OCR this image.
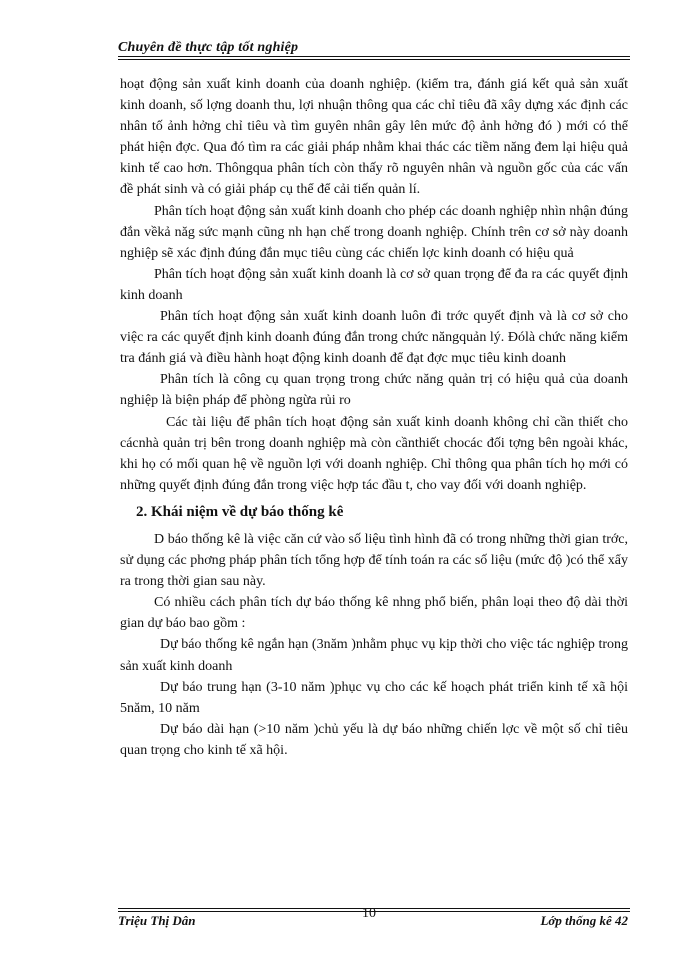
Chuyên đề thực tập tốt nghiệp

hoạt động sản xuất kinh doanh của doanh nghiệp. (kiểm tra, đánh giá kết quả sản xuất kinh doanh, số lợng doanh thu, lợi nhuận thông qua các chỉ tiêu đã xây dựng xác định các nhân tố ảnh hởng chỉ tiêu và tìm guyên nhân gây lên mức độ ảnh hởng đó ) mới có thể phát hiện đợc. Qua đó tìm ra các giải pháp nhằm khai thác các tiềm năng đem lại hiệu quả kinh tế cao hơn. Thôngqua phân tích còn thấy rõ nguyên nhân và nguồn gốc của các vấn đề phát sinh và có giải pháp cụ thể để cải tiến quản lí.

Phân tích hoạt động sản xuất kinh doanh cho phép các doanh nghiệp nhìn nhận đúng đắn vềkả năg sức mạnh cũng nh hạn chế trong doanh nghiệp. Chính trên cơ sở này doanh nghiệp sẽ xác định đúng đắn mục tiêu cùng các chiến lợc kinh doanh có hiệu quả

Phân tích hoạt động sản xuất kinh doanh là cơ sở quan trọng để đa ra các quyết định kinh doanh

Phân tích hoạt động sản xuất kinh doanh luôn đi trớc quyết định và là cơ sở cho việc ra các quyết định kinh doanh đúng đắn trong chức năngquản lý. Đólà chức năng kiểm tra đánh giá và điều hành hoạt động kinh doanh để đạt đợc mục tiêu kinh doanh

Phân tích là công cụ quan trọng trong chức năng quản trị có hiệu quả của doanh nghiệp là biện pháp để phòng ngừa rủi ro

Các tài liệu để phân tích hoạt động sản xuất kinh doanh không chỉ cần thiết cho cácnhà quản trị bên trong doanh nghiệp mà còn cầnthiết chocác đối tợng bên ngoài khác, khi họ có mối quan hệ về nguồn lợi với doanh nghiệp. Chỉ thông qua phân tích họ mới có những quyết định đúng đắn trong việc hợp tác đầu t, cho vay đối với doanh nghiệp.

2. Khái niệm về dự báo thống kê

D báo thống kê là việc căn cứ vào số liệu tình hình đã có trong những thời gian trớc, sử dụng các phơng pháp phân tích tổng hợp để tính toán ra các số liệu (mức độ )có thể xẩy ra trong thời gian sau này.

Có nhiều cách phân tích dự báo thống kê nhng phổ biến, phân loại theo độ dài thời gian dự báo bao gồm :

Dự báo thống kê ngắn hạn (3năm )nhằm phục vụ kịp thời cho việc tác nghiệp trong sản xuất kinh doanh

Dự báo trung hạn (3-10 năm )phục vụ cho các kế hoạch phát triển kinh tế xã hội 5năm, 10 năm

Dự báo dài hạn (>10 năm )chủ yếu là dự báo những chiến lợc về một số chỉ tiêu quan trọng cho kinh tế xã hội.

Triệu Thị Dân	10	Lớp thống kê 42
